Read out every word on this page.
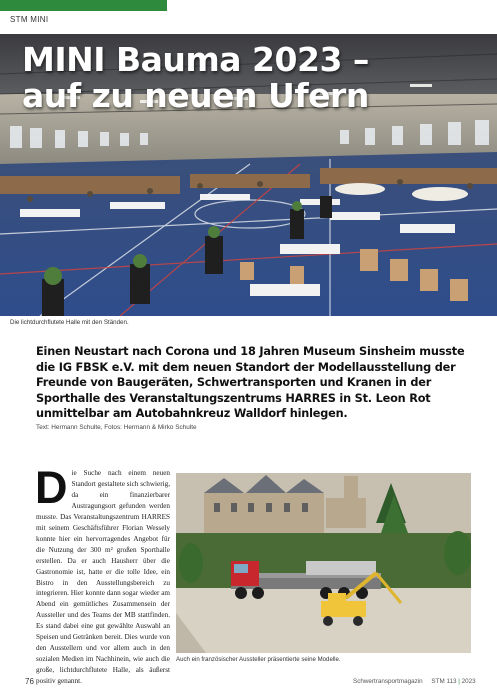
STM MINI
MINI Bauma 2023 –
auf zu neuen Ufern
Die lichtdurchflutete Halle mit den Ständen.
Einen Neustart nach Corona und 18 Jahren Museum Sinsheim musste die IG FBSK e.V. mit dem neuen Standort der Modellausstellung der Freunde von Baugeräten, Schwertransporten und Kranen in der Sporthalle des Veranstaltungszentrums HARRES in St. Leon Rot unmittelbar am Autobahnkreuz Walldorf hinlegen.
Text: Hermann Schulte, Fotos: Hermann & Mirko Schulte
Die Suche nach einem neuen Standort gestaltete sich schwierig, da ein finanzierbarer Austragungsort gefunden werden musste. Das Veranstaltungszentrum HARRES mit seinem Geschäftsführer Florian Wessely konnte hier ein hervorragendes Angebot für die Nutzung der 300 m² großen Sporthalle erstellen. Da er auch Hausherr über die Gastronomie ist, hatte er die tolle Idee, ein Bistro in den Ausstellungsbereich zu integrieren. Hier konnte dann sogar wieder am Abend ein gemütliches Zusammensein der Aussteller und des Teams der MB stattfinden. Es stand dabei eine gut gewählte Auswahl an Speisen und Getränken bereit. Dies wurde von den Ausstellern und vor allem auch in den sozialen Medien im Nachhinein, wie auch die große, lichtdurchflutete Halle, als äußerst positiv genannt.
Auch ein französischer Aussteller präsentierte seine Modelle.
76	Schwertransportmagazin STM 113 | 2023
